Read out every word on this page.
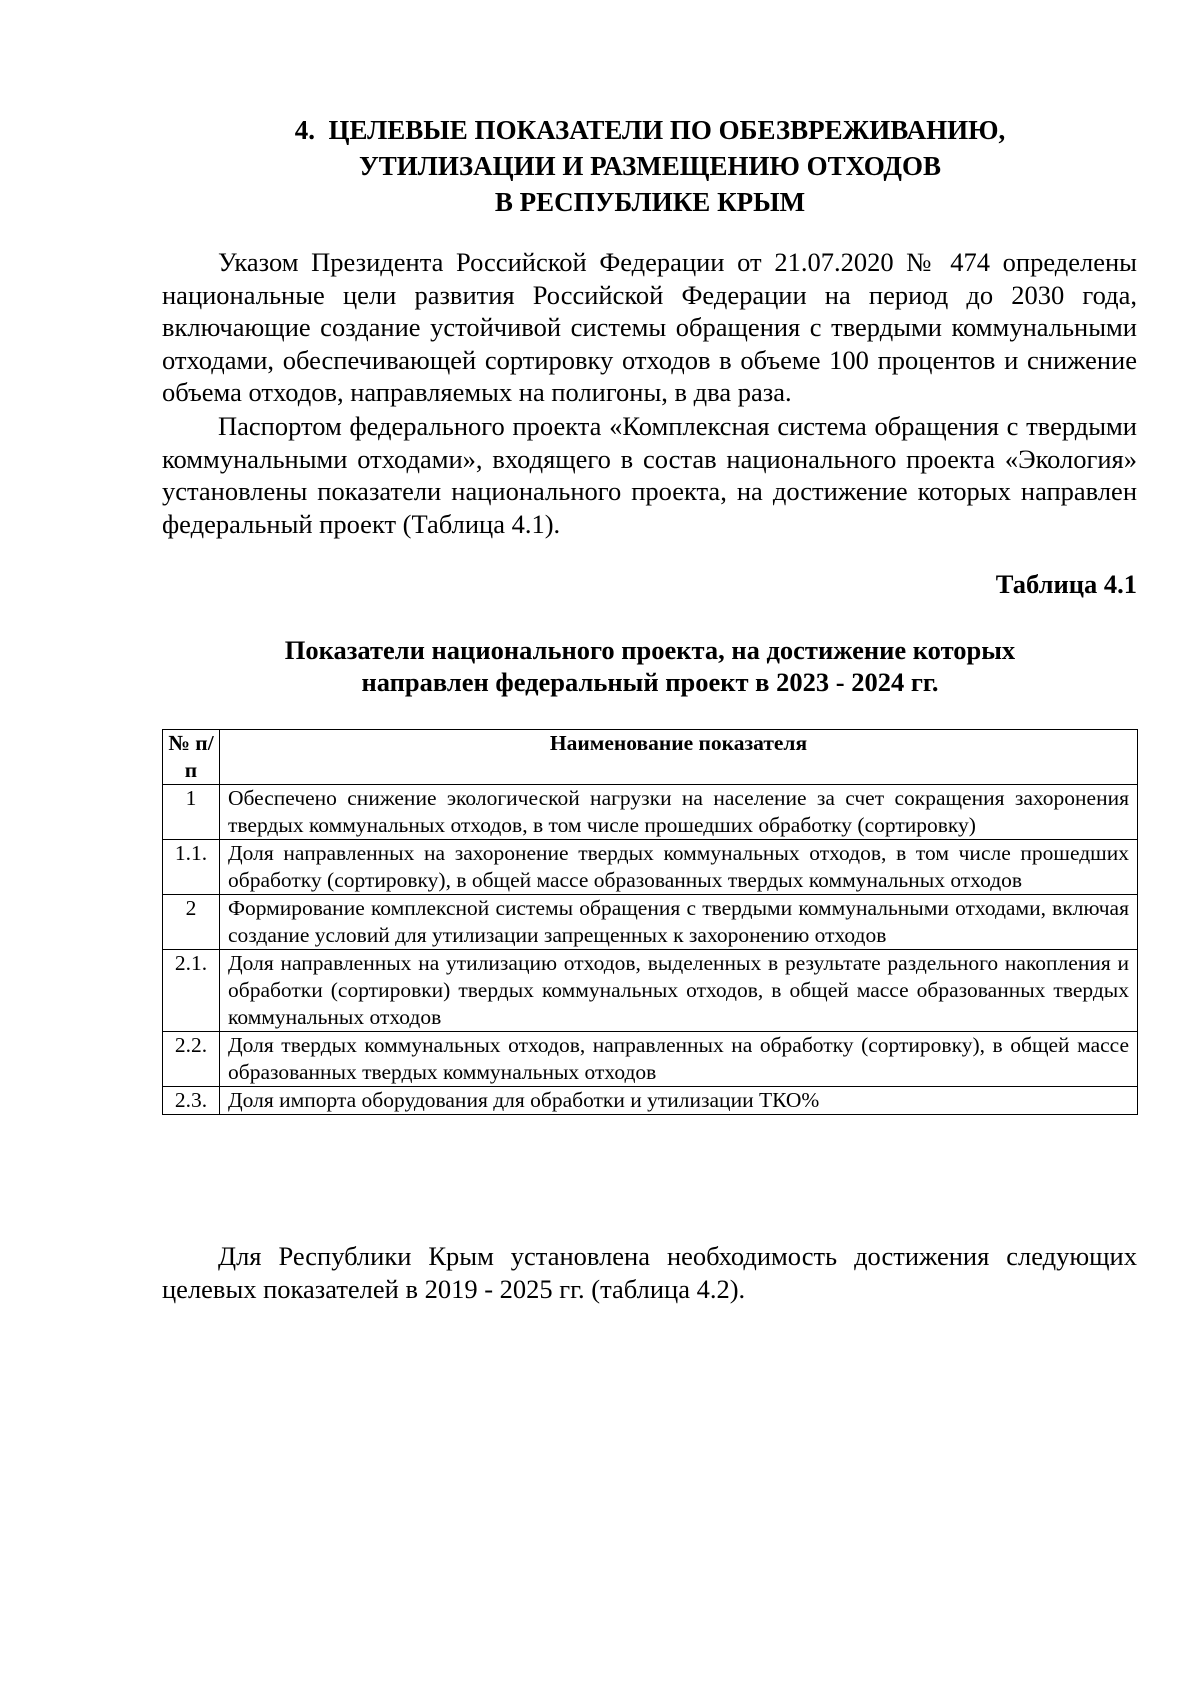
4. ЦЕЛЕВЫЕ ПОКАЗАТЕЛИ ПО ОБЕЗВРЕЖИВАНИЮ,
УТИЛИЗАЦИИ И РАЗМЕЩЕНИЮ ОТХОДОВ
В РЕСПУБЛИКЕ КРЫМ

Указом Президента Российской Федерации от 21.07.2020 № 474 определены национальные цели развития Российской Федерации на период до 2030 года, включающие создание устойчивой системы обращения с твердыми коммунальными отходами, обеспечивающей сортировку отходов в объеме 100 процентов и снижение объема отходов, направляемых на полигоны, в два раза.

Паспортом федерального проекта «Комплексная система обращения с твердыми коммунальными отходами», входящего в состав национального проекта «Экология» установлены показатели национального проекта, на достижение которых направлен федеральный проект (Таблица 4.1).

Таблица 4.1
Показатели национального проекта, на достижение которых
направлен федеральный проект в 2023 - 2024 гг.
№ п/п	Наименование показателя
1	Обеспечено снижение экологической нагрузки на население за счет сокращения захоронения твердых коммунальных отходов, в том числе прошедших обработку (сортировку)
1.1.	Доля направленных на захоронение твердых коммунальных отходов, в том числе прошедших обработку (сортировку), в общей массе образованных твердых коммунальных отходов
2	Формирование комплексной системы обращения с твердыми коммунальными отходами, включая создание условий для утилизации запрещенных к захоронению отходов
2.1.	Доля направленных на утилизацию отходов, выделенных в результате раздельного накопления и обработки (сортировки) твердых коммунальных отходов, в общей массе образованных твердых коммунальных отходов
2.2.	Доля твердых коммунальных отходов, направленных на обработку (сортировку), в общей массе образованных твердых коммунальных отходов
2.3.	Доля импорта оборудования для обработки и утилизации ТКО%

Для Республики Крым установлена необходимость достижения следующих целевых показателей в 2019 - 2025 гг. (таблица 4.2).
